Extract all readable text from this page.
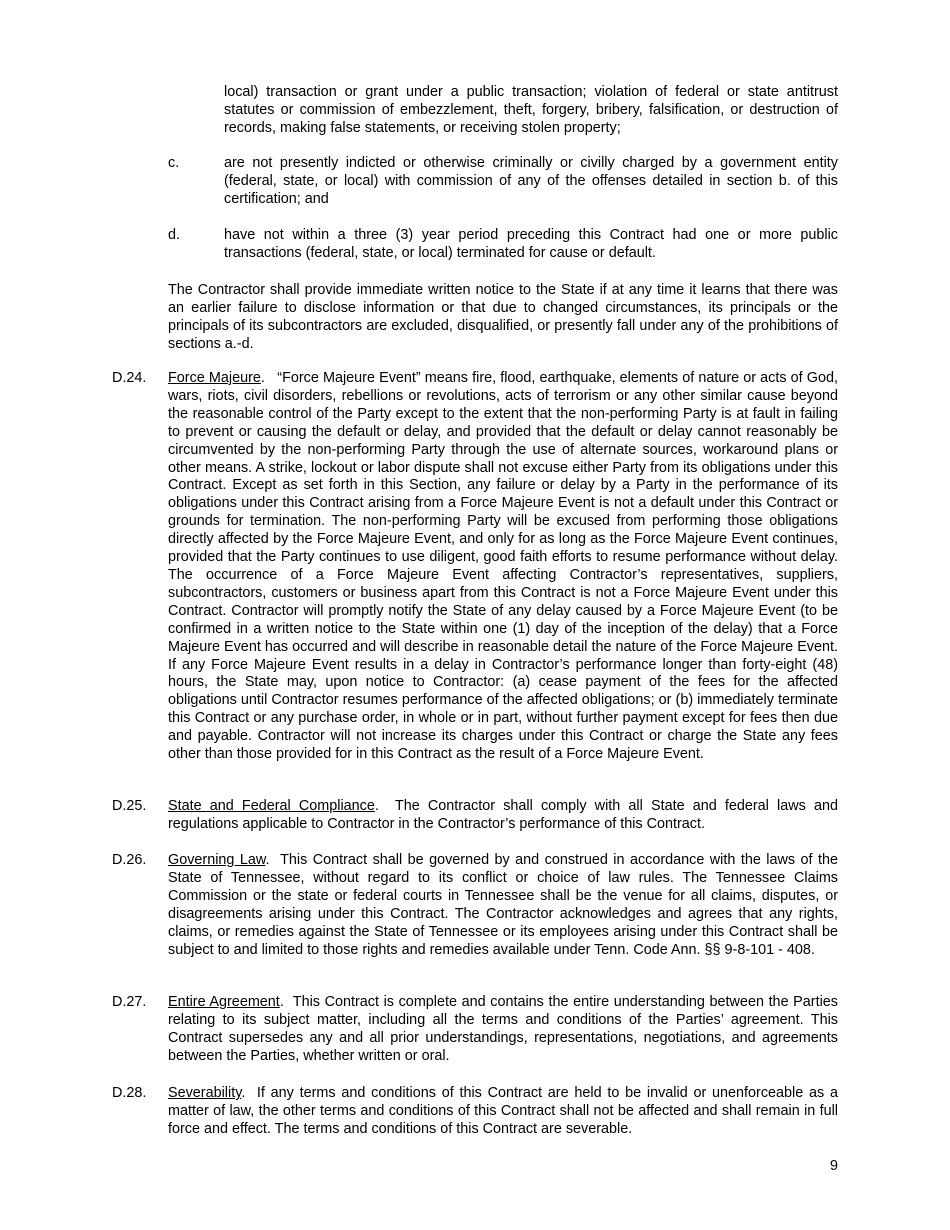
local) transaction or grant under a public transaction; violation of federal or state antitrust statutes or commission of embezzlement, theft, forgery, bribery, falsification, or destruction of records, making false statements, or receiving stolen property;

c.	are not presently indicted or otherwise criminally or civilly charged by a government entity (federal, state, or local) with commission of any of the offenses detailed in section b. of this certification; and

d.	have not within a three (3) year period preceding this Contract had one or more public transactions (federal, state, or local) terminated for cause or default.

The Contractor shall provide immediate written notice to the State if at any time it learns that there was an earlier failure to disclose information or that due to changed circumstances, its principals or the principals of its subcontractors are excluded, disqualified, or presently fall under any of the prohibitions of sections a.-d.

D.24. Force Majeure.   “Force Majeure Event” means fire, flood, earthquake, elements of nature or acts of God, wars, riots, civil disorders, rebellions or revolutions, acts of terrorism or any other similar cause beyond the reasonable control of the Party except to the extent that the non-performing Party is at fault in failing to prevent or causing the default or delay, and provided that the default or delay cannot reasonably be circumvented by the non-performing Party through the use of alternate sources, workaround plans or other means. A strike, lockout or labor dispute shall not excuse either Party from its obligations under this Contract. Except as set forth in this Section, any failure or delay by a Party in the performance of its obligations under this Contract arising from a Force Majeure Event is not a default under this Contract or grounds for termination. The non-performing Party will be excused from performing those obligations directly affected by the Force Majeure Event, and only for as long as the Force Majeure Event continues, provided that the Party continues to use diligent, good faith efforts to resume performance without delay. The occurrence of a Force Majeure Event affecting Contractor’s representatives, suppliers, subcontractors, customers or business apart from this Contract is not a Force Majeure Event under this Contract. Contractor will promptly notify the State of any delay caused by a Force Majeure Event (to be confirmed in a written notice to the State within one (1) day of the inception of the delay) that a Force Majeure Event has occurred and will describe in reasonable detail the nature of the Force Majeure Event. If any Force Majeure Event results in a delay in Contractor’s performance longer than forty-eight (48) hours, the State may, upon notice to Contractor: (a) cease payment of the fees for the affected obligations until Contractor resumes performance of the affected obligations; or (b) immediately terminate this Contract or any purchase order, in whole or in part, without further payment except for fees then due and payable. Contractor will not increase its charges under this Contract or charge the State any fees other than those provided for in this Contract as the result of a Force Majeure Event.

D.25. State and Federal Compliance.  The Contractor shall comply with all State and federal laws and regulations applicable to Contractor in the Contractor’s performance of this Contract.

D.26. Governing Law.  This Contract shall be governed by and construed in accordance with the laws of the State of Tennessee, without regard to its conflict or choice of law rules. The Tennessee Claims Commission or the state or federal courts in Tennessee shall be the venue for all claims, disputes, or disagreements arising under this Contract. The Contractor acknowledges and agrees that any rights, claims, or remedies against the State of Tennessee or its employees arising under this Contract shall be subject to and limited to those rights and remedies available under Tenn. Code Ann. §§ 9-8-101 - 408.

D.27. Entire Agreement.  This Contract is complete and contains the entire understanding between the Parties relating to its subject matter, including all the terms and conditions of the Parties’ agreement. This Contract supersedes any and all prior understandings, representations, negotiations, and agreements between the Parties, whether written or oral.

D.28. Severability.  If any terms and conditions of this Contract are held to be invalid or unenforceable as a matter of law, the other terms and conditions of this Contract shall not be affected and shall remain in full force and effect. The terms and conditions of this Contract are severable.

9
